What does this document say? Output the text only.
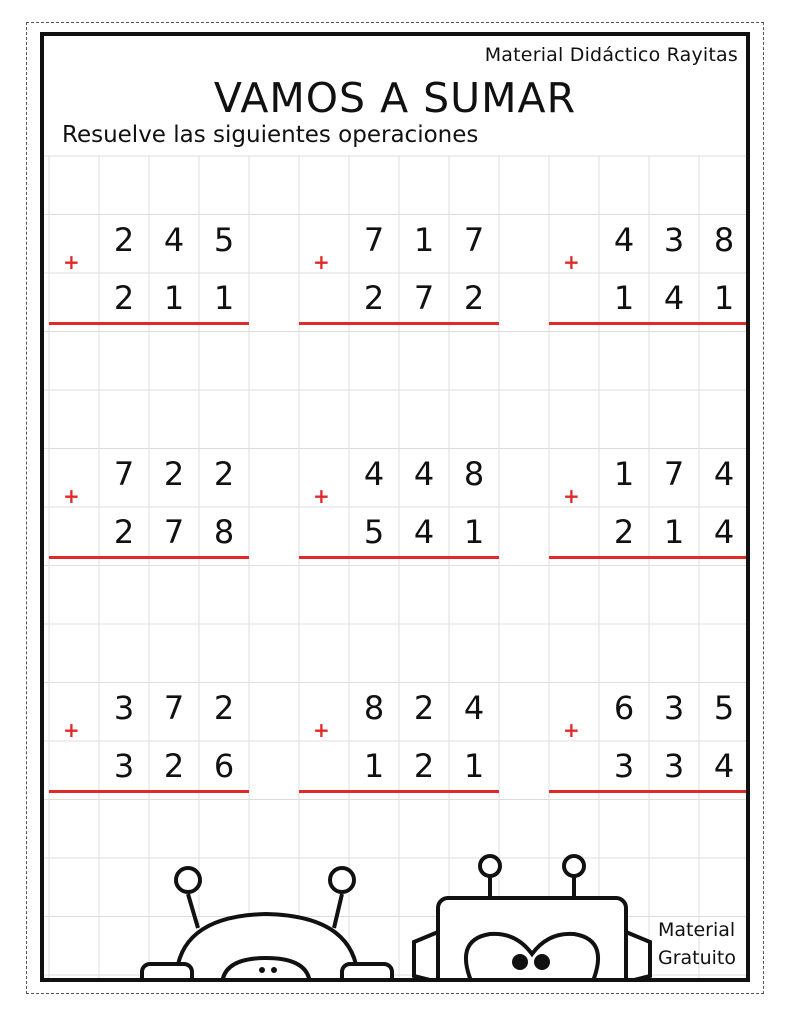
Material Didáctico Rayitas
VAMOS A SUMAR
Resuelve las siguientes operaciones
+
2 4 5
2 1 1
+
7 1 7
2 7 2
+
4 3 8
1 4 1
+
7 2 2
2 7 8
+
4 4 8
5 4 1
+
1 7 4
2 1 4
+
3 7 2
3 2 6
+
8 2 4
1 2 1
+
6 3 5
3 3 4
Material
Gratuito
